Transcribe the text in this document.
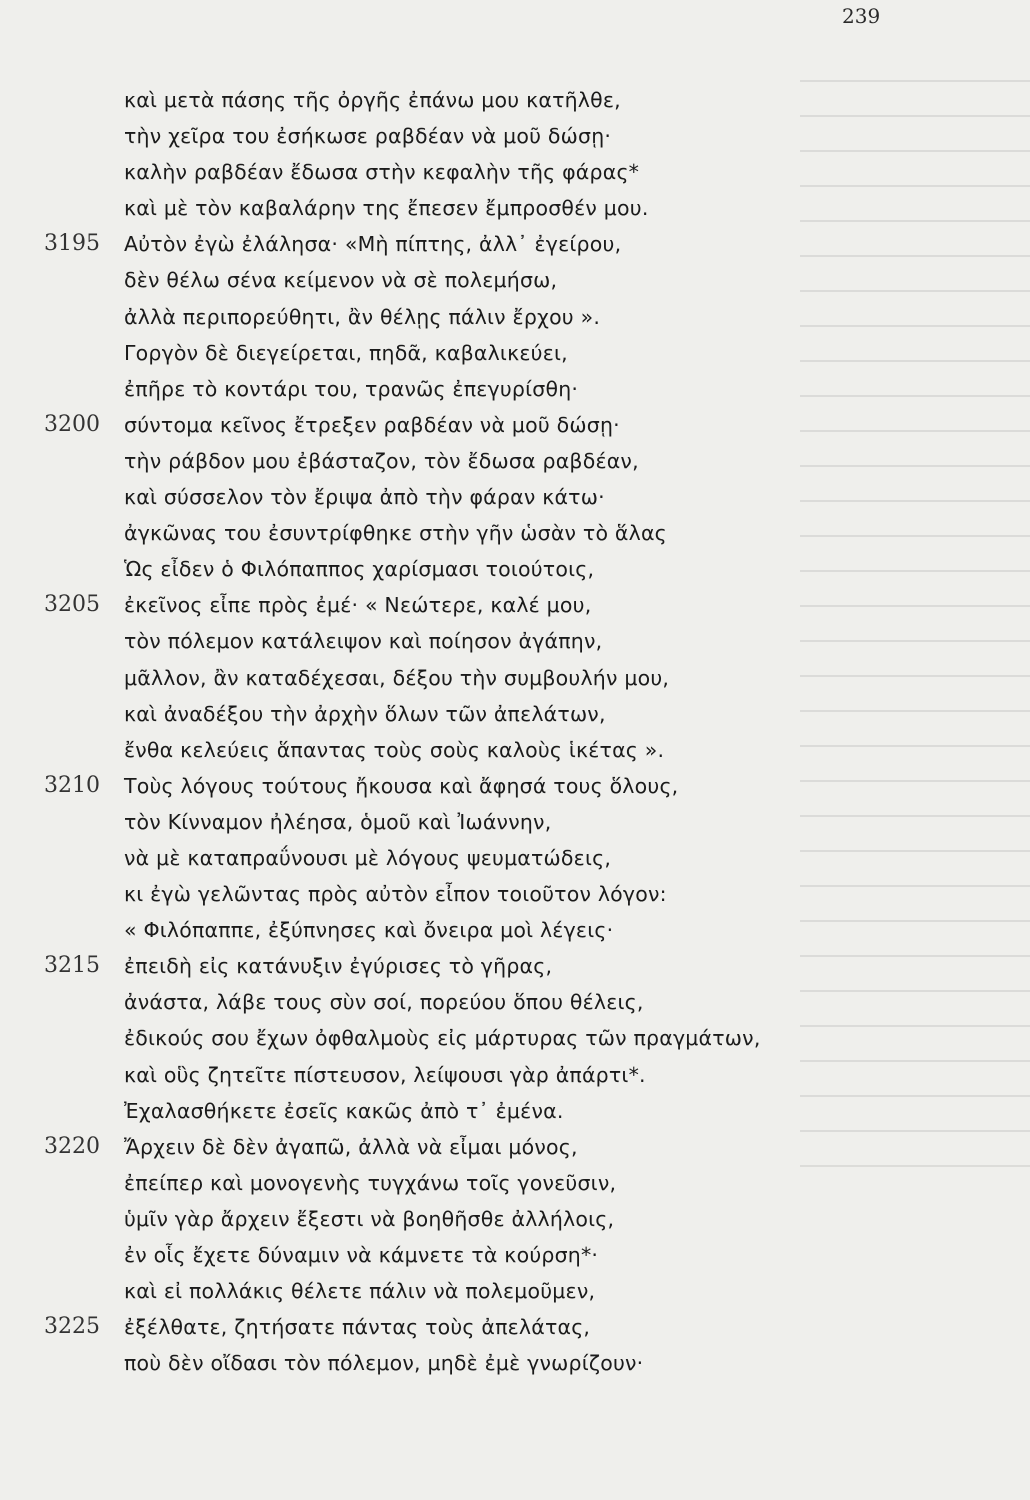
239
καὶ μετὰ πάσης τῆς ὀργῆς ἐπάνω μου κατῆλθε,
τὴν χεῖρα του ἐσήκωσε ραβδέαν νὰ μοῦ δώσῃ·
καλὴν ραβδέαν ἔδωσα στὴν κεφαλὴν τῆς φάρας*
καὶ μὲ τὸν καβαλάρην της ἔπεσεν ἔμπροσθέν μου.
3195 Αὐτὸν ἐγὼ ἐλάλησα· «Μὴ πίπτης, ἀλλ᾽ ἐγείρου,
δὲν θέλω σένα κείμενον νὰ σὲ πολεμήσω,
ἀλλὰ περιπορεύθητι, ἂν θέλῃς πάλιν ἔρχου ».
Γοργὸν δὲ διεγείρεται, πηδᾶ, καβαλικεύει,
ἐπῆρε τὸ κοντάρι του, τρανῶς ἐπεγυρίσθη·
3200 σύντομα κεῖνος ἔτρεξεν ραβδέαν νὰ μοῦ δώσῃ·
τὴν ράβδον μου ἐβάσταζον, τὸν ἔδωσα ραβδέαν,
καὶ σύσσελον τὸν ἔριψα ἀπὸ τὴν φάραν κάτω·
ἀγκῶνας του ἐσυντρίφθηκε στὴν γῆν ὡσὰν τὸ ἅλας
Ὡς εἶδεν ὁ Φιλόπαππος χαρίσμασι τοιούτοις,
3205 ἐκεῖνος εἶπε πρὸς ἐμέ· « Νεώτερε, καλέ μου,
τὸν πόλεμον κατάλειψον καὶ ποίησον ἀγάπην,
μᾶλλον, ἂν καταδέχεσαι, δέξου τὴν συμβουλήν μου,
καὶ ἀναδέξου τὴν ἀρχὴν ὅλων τῶν ἀπελάτων,
ἔνθα κελεύεις ἅπαντας τοὺς σοὺς καλοὺς ἱκέτας ».
3210 Τοὺς λόγους τούτους ἤκουσα καὶ ἄφησά τους ὅλους,
τὸν Κίνναμον ἠλέησα, ὁμοῦ καὶ Ἰωάννην,
νὰ μὲ καταπραΰνουσι μὲ λόγους ψευματώδεις,
κι ἐγὼ γελῶντας πρὸς αὐτὸν εἶπον τοιοῦτον λόγον:
« Φιλόπαππε, ἐξύπνησες καὶ ὄνειρα μοὶ λέγεις·
3215 ἐπειδὴ εἰς κατάνυξιν ἐγύρισες τὸ γῆρας,
ἀνάστα, λάβε τους σὺν σοί, πορεύου ὅπου θέλεις,
ἐδικούς σου ἔχων ὀφθαλμοὺς εἰς μάρτυρας τῶν πραγμάτων,
καὶ οὓς ζητεῖτε πίστευσον, λείψουσι γὰρ ἀπάρτι*.
Ἐχαλασθήκετε ἐσεῖς κακῶς ἀπὸ τ᾽ ἐμένα.
3220 Ἄρχειν δὲ δὲν ἀγαπῶ, ἀλλὰ νὰ εἶμαι μόνος,
ἐπείπερ καὶ μονογενὴς τυγχάνω τοῖς γονεῦσιν,
ὑμῖν γὰρ ἄρχειν ἔξεστι νὰ βοηθῆσθε ἀλλήλοις,
ἐν οἷς ἔχετε δύναμιν νὰ κάμνετε τὰ κούρση*·
καὶ εἰ πολλάκις θέλετε πάλιν νὰ πολεμοῦμεν,
3225 ἐξέλθατε, ζητήσατε πάντας τοὺς ἀπελάτας,
ποὺ δὲν οἴδασι τὸν πόλεμον, μηδὲ ἐμὲ γνωρίζουν·
